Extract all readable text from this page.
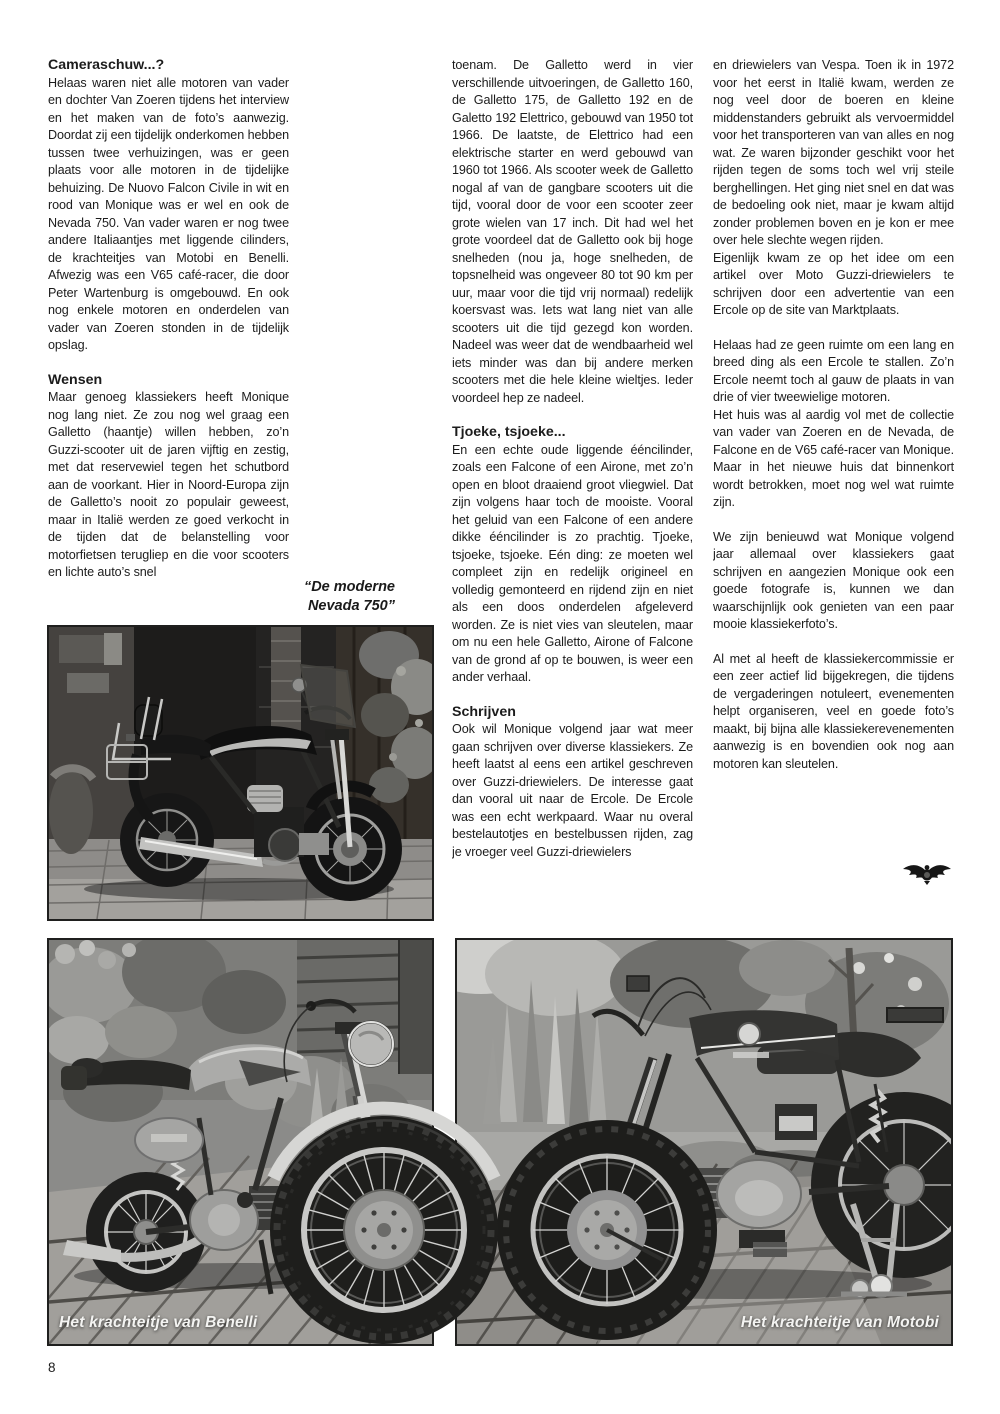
Cameraschuw...?

Helaas waren niet alle motoren van vader en dochter Van Zoeren tijdens het interview en het maken van de foto’s aanwezig. Doordat zij een tijdelijk onderkomen hebben tussen twee verhuizingen, was er geen plaats voor alle motoren in de tijdelijke behuizing. De Nuovo Falcon Civile in wit en rood van Monique was er wel en ook de Nevada 750. Van vader waren er nog twee andere Italiaantjes met liggende cilinders, de krachteitjes van Motobi en Benelli. Afwezig was een V65 café-racer, die door Peter Wartenburg is omgebouwd. En ook nog enkele motoren en onderdelen van vader van Zoeren stonden in de tijdelijk opslag.

Wensen

Maar genoeg klassiekers heeft Monique nog lang niet. Ze zou nog wel graag een Galletto (haantje) willen hebben, zo’n Guzzi-scooter uit de jaren vijftig en zestig, met dat reservewiel tegen het schutbord aan de voorkant. Hier in Noord-Europa zijn de Galletto’s nooit zo populair geweest, maar in Italië werden ze goed verkocht in de tijden dat de belanstelling voor motorfietsen terugliep en die voor scooters en lichte auto’s snel

“De moderne
Nevada 750”

toenam. De Galletto werd in vier verschillende uitvoeringen, de Galletto 160, de Galletto 175, de Galletto 192 en de Galetto 192 Elettrico, gebouwd van 1950 tot 1966. De laatste, de Elettrico had een elektrische starter en werd gebouwd van 1960 tot 1966. Als scooter week de Galletto nogal af van de gangbare scooters uit die tijd, vooral door de voor een scooter zeer grote wielen van 17 inch. Dit had wel het grote voordeel dat de Galletto ook bij hoge snelheden (nou ja, hoge snelheden, de topsnelheid was ongeveer 80 tot 90 km per uur, maar voor die tijd vrij normaal) redelijk koersvast was. Iets wat lang niet van alle scooters uit die tijd gezegd kon worden. Nadeel was weer dat de wendbaarheid wel iets minder was dan bij andere merken scooters met die hele kleine wieltjes. Ieder voordeel hep ze nadeel.

Tjoeke, tsjoeke...

En een echte oude liggende ééncilinder, zoals een Falcone of een Airone, met zo’n open en bloot draaiend groot vliegwiel. Dat zijn volgens haar toch de mooiste. Vooral het geluid van een Falcone of een andere dikke ééncilinder is zo prachtig. Tjoeke, tsjoeke, tsjoeke. Eén ding: ze moeten wel compleet zijn en redelijk origineel en volledig gemonteerd en rijdend zijn en niet als een doos onderdelen afgeleverd worden. Ze is niet vies van sleutelen, maar om nu een hele Galletto, Airone of Falcone van de grond af op te bouwen, is weer een ander verhaal.

Schrijven

Ook wil Monique volgend jaar wat meer gaan schrijven over diverse klassiekers. Ze heeft laatst al eens een artikel geschreven over Guzzi-driewielers. De interesse gaat dan vooral uit naar de Ercole. De Ercole was een echt werkpaard. Waar nu overal bestelautotjes en bestelbussen rijden, zag je vroeger veel Guzzi-driewielers

en driewielers van Vespa. Toen ik in 1972 voor het eerst in Italië kwam, werden ze nog veel door de boeren en kleine middenstanders gebruikt als vervoermiddel voor het transporteren van van alles en nog wat. Ze waren bijzonder geschikt voor het rijden tegen de soms toch wel vrij steile berghellingen. Het ging niet snel en dat was de bedoeling ook niet, maar je kwam altijd zonder problemen boven en je kon er mee over hele slechte wegen rijden.

Eigenlijk kwam ze op het idee om een artikel over Moto Guzzi-driewielers te schrijven door een advertentie van een Ercole op de site van Marktplaats.

Helaas had ze geen ruimte om een lang en breed ding als een Ercole te stallen. Zo’n Ercole neemt toch al gauw de plaats in van drie of vier tweewielige motoren.

Het huis was al aardig vol met de collectie van vader van Zoeren en de Nevada, de Falcone en de V65 café-racer van Monique. Maar in het nieuwe huis dat binnenkort wordt betrokken, moet nog wel wat ruimte zijn.

We zijn benieuwd wat Monique volgend jaar allemaal over klassiekers gaat schrijven en aangezien Monique ook een goede fotografe is, kunnen we dan waarschijnlijk ook genieten van een paar mooie klassiekerfoto’s.

Al met al heeft de klassiekercommissie er een zeer actief lid bijgekregen, die tijdens de vergaderingen notuleert, evenementen helpt organiseren, veel en goede foto’s maakt, bij bijna alle klassiekerevenementen aanwezig is en bovendien ook nog aan motoren kan sleutelen.

Het krachteitje van Benelli	Het krachteitje van Motobi
8
